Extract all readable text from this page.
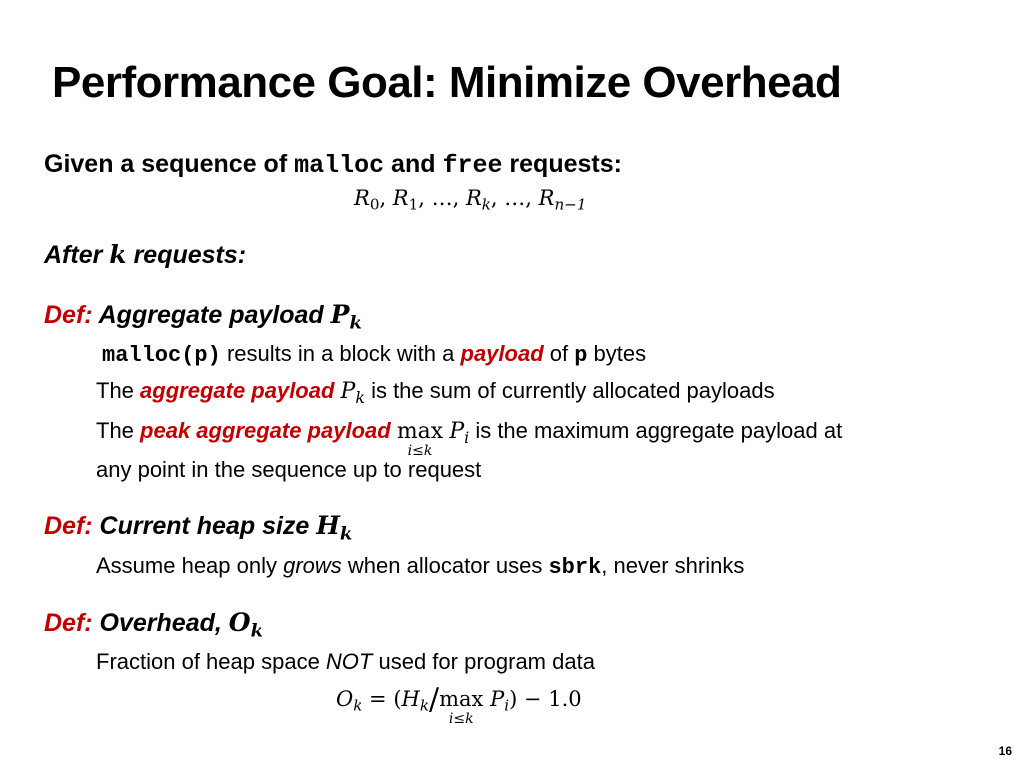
Performance Goal: Minimize Overhead
Given a sequence of malloc and free requests:
$R_0$, $R_1$, …, $R_k$, …, $R_{n-1}$
After k requests:
Def: Aggregate payload $P_k$
malloc(p) results in a block with a payload of p bytes
The aggregate payload $P_k$ is the sum of currently allocated payloads
The peak aggregate payload max
i≤k
$P_i$ is the maximum aggregate payload at
any point in the sequence up to request
Def: Current heap size $H_k$
Assume heap only grows when allocator uses sbrk, never shrinks
Def: Overhead, $O_k$
Fraction of heap space NOT used for program data
$O_k = (H_k/\max$
i≤k
$P_i) - 1.0$
16
